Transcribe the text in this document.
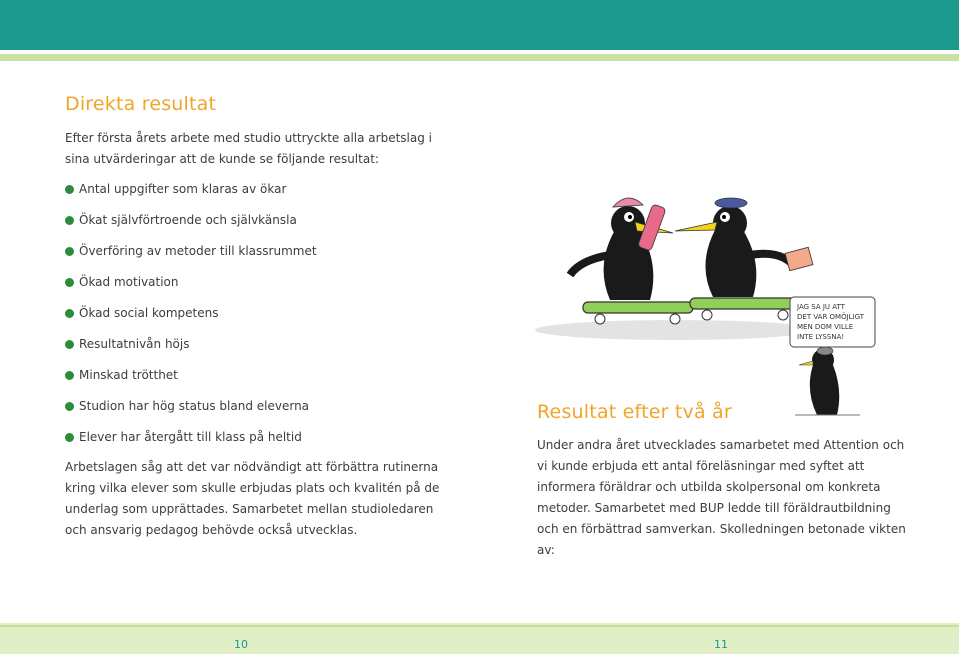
Direkta resultat
Efter första årets arbete med studio uttryckte alla arbetslag i sina utvärderingar att de kunde se följande resultat:
Antal uppgifter som klaras av ökar
Ökat självförtroende och självkänsla
Överföring av metoder till klassrummet
Ökad motivation
Ökad social kompetens
Resultatnivån höjs
Minskad trötthet
Studion har hög status bland eleverna
Elever har återgått till klass på heltid
Arbetslagen såg att det var nödvändigt att förbättra rutinerna kring vilka elever som skulle erbjudas plats och kvalitén på de underlag som upprättades. Samarbetet mellan studioledaren och ansvarig pedagog behövde också utvecklas.
JAG SA JU ATT
DET VAR OMÖJLIGT
MEN DOM VILLE
INTE LYSSNA!
Resultat efter två år
Under andra året utvecklades samarbetet med Attention och vi kunde erbjuda ett antal föreläsningar med syftet att informera föräldrar och utbilda skolpersonal om konkreta metoder. Samarbetet med BUP ledde till föräldrautbildning och en förbättrad samverkan. Skolledningen betonade vikten av:
10	11
